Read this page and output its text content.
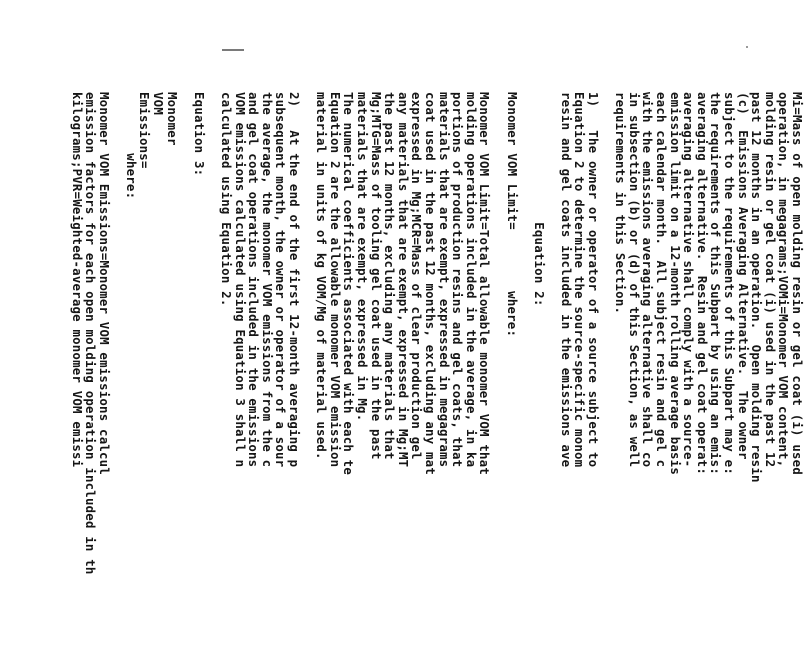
Mi=Mass of open molding resin or gel coat (i) used
operation, in megagrams;VOMi=Monomer VOM content,
molding resin or gel coat (i) used in the past 12
past 12 months in an operation.  Open molding resin
(c)  Emissions Averaging Alternative.  The owner
subject to the requirements of this Subpart may e:
the requirements of this Subpart by using an emis:
averaging alternative.  Resin and gel coat operat:
averaging alternative shall comply with a source-
emission limit on a 12-month rolling average basis
each calendar month.  All subject resin and gel c
with the emissions averaging alternative shall co
in subsection (b) or (d) of this Section, as well
requirements in this Section.
1)   The owner or operator of a source subject to
Equation 2 to determine the source-specific monom
resin and gel coats included in the emissions ave
Equation 2:
Monomer VOM Limit=        where:
Monomer VOM Limit=Total allowable monomer VOM that
molding operations included in the average, in ka
portions of production resins and gel coats, that
materials that are exempt, expressed in megagrams
coat used in the past 12 months, excluding any mat
expressed in Mg;MCR=Mass of clear production gel
any materials that are exempt, expressed in Mg;MT
the past 12 months, excluding any materials that
Mg;MTG=Mass of tooling gel coat used in the past
materials that are exempt, expressed in Mg.
The numerical coefficients associated with each te
Equation 2 are the allowable monomer VOM emission
material in units of kg VOM/Mg of material used.
2)   At the end of the first 12-month averaging p
subsequent month, the owner or operator of a sour
the average, the monomer VOM emissions from the c
and gel coat operations included in the emissions
VOM emissions calculated using Equation 3 shall n
calculated using Equation 2.
Equation 3:
Monomer
VOM
Emissions=
where:
Monomer VOM Emissions=Monomer VOM emissions calcul
emission factors for each open molding operation included in th
kilograms;PVR=Weighted-average monomer VOM emissi
